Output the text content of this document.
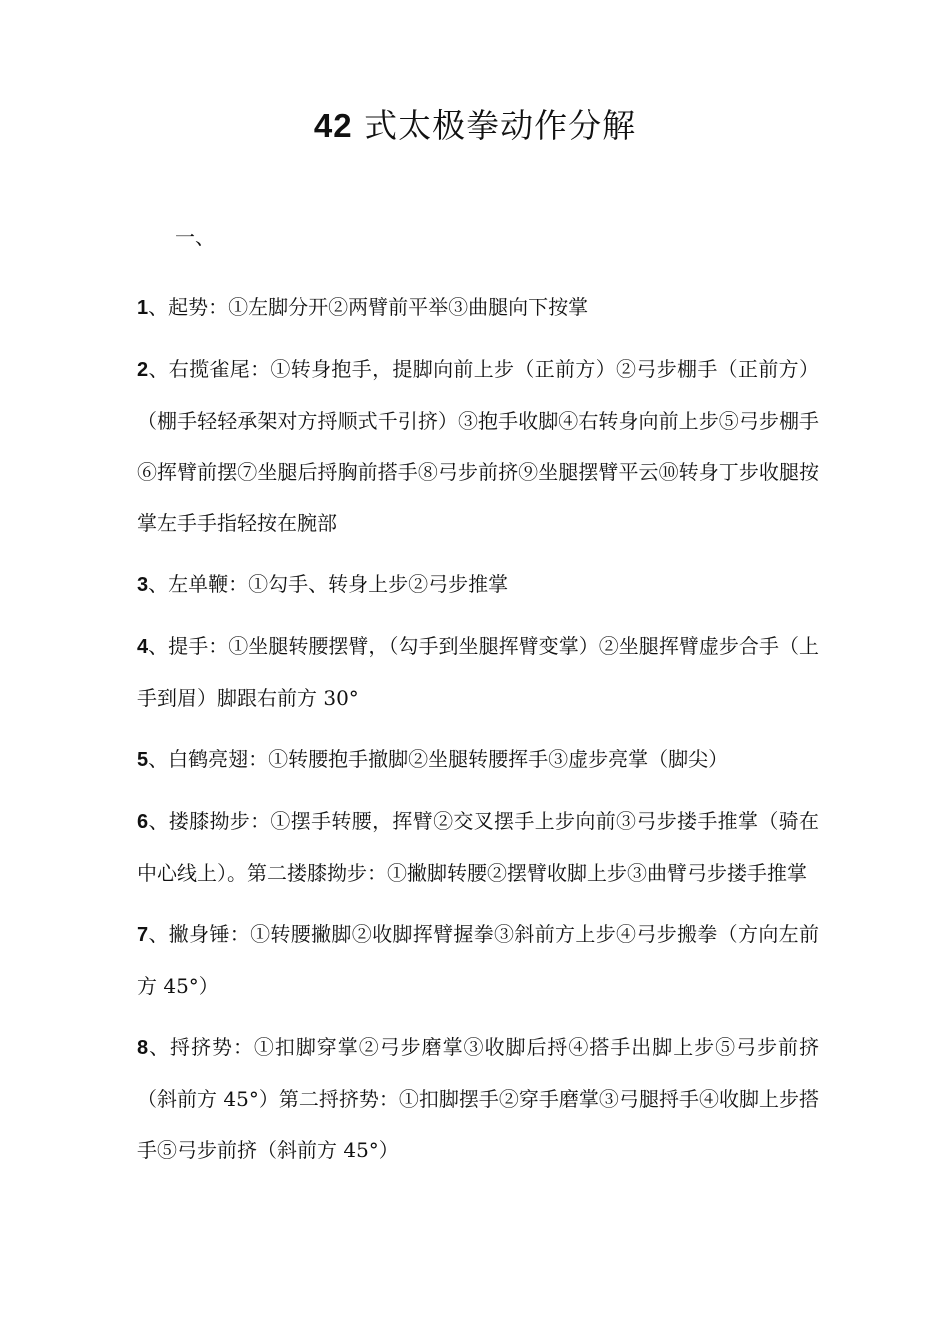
42 式太极拳动作分解
一、
1、起势：①左脚分开②两臂前平举③曲腿向下按掌
2、右揽雀尾：①转身抱手，提脚向前上步（正前方）②弓步棚手（正前方）（棚手轻轻承架对方捋顺式千引挤）③抱手收脚④右转身向前上步⑤弓步棚手⑥挥臂前摆⑦坐腿后捋胸前搭手⑧弓步前挤⑨坐腿摆臂平云⑩转身丁步收腿按掌左手手指轻按在腕部
3、左单鞭：①勾手、转身上步②弓步推掌
4、提手：①坐腿转腰摆臂，（勾手到坐腿挥臂变掌）②坐腿挥臂虚步合手（上手到眉）脚跟右前方 30°
5、白鹤亮翅：①转腰抱手撤脚②坐腿转腰挥手③虚步亮掌（脚尖）
6、搂膝拗步：①摆手转腰，挥臂②交叉摆手上步向前③弓步搂手推掌（骑在中心线上）。第二搂膝拗步：①撇脚转腰②摆臂收脚上步③曲臂弓步搂手推掌
7、撇身锤：①转腰撇脚②收脚挥臂握拳③斜前方上步④弓步搬拳（方向左前方 45°）
8、捋挤势：①扣脚穿掌②弓步磨掌③收脚后捋④搭手出脚上步⑤弓步前挤（斜前方 45°）第二捋挤势：①扣脚摆手②穿手磨掌③弓腿捋手④收脚上步搭手⑤弓步前挤（斜前方 45°）
